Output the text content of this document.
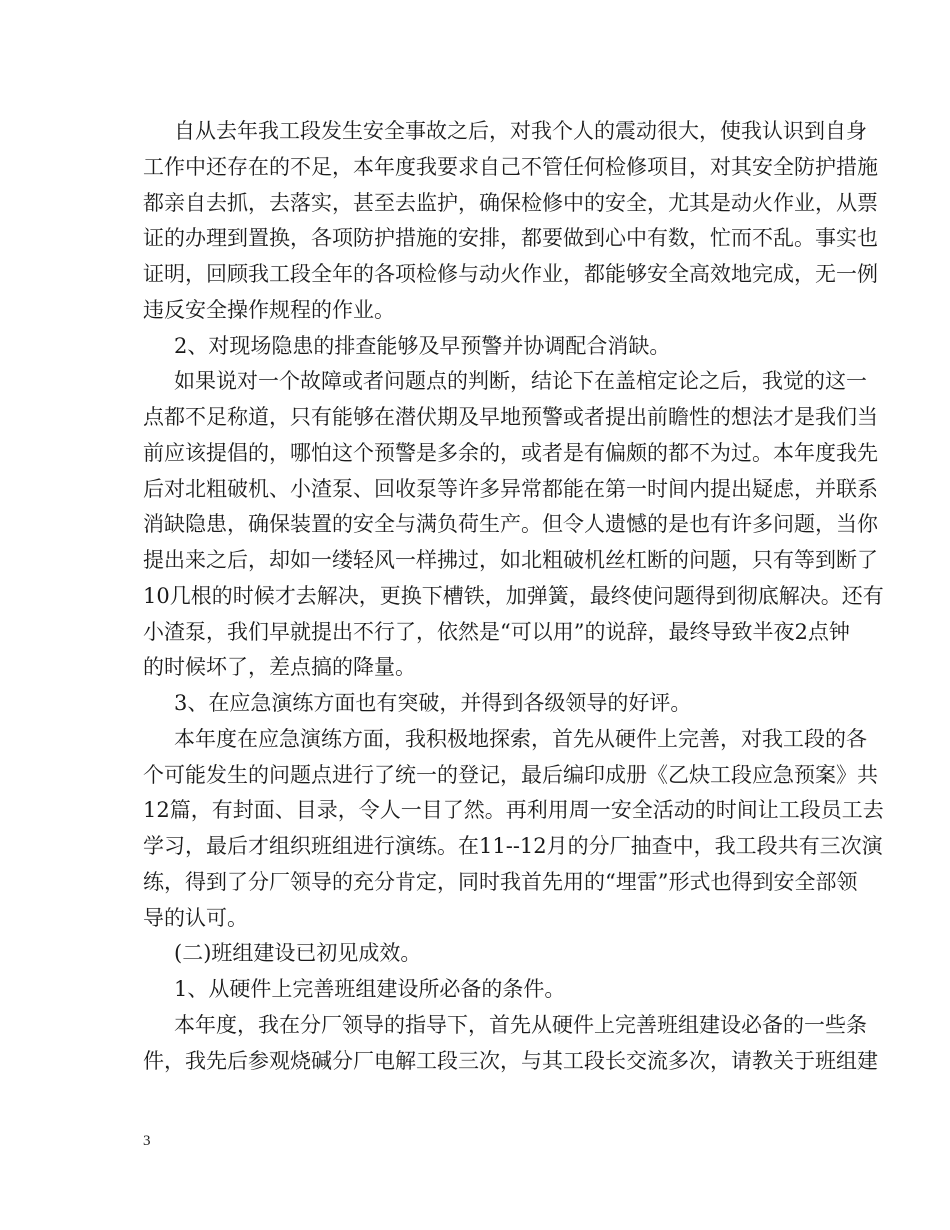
自从去年我工段发生安全事故之后，对我个人的震动很大，使我认识到自身
工作中还存在的不足，本年度我要求自己不管任何检修项目，对其安全防护措施
都亲自去抓，去落实，甚至去监护，确保检修中的安全，尤其是动火作业，从票
证的办理到置换，各项防护措施的安排，都要做到心中有数，忙而不乱。事实也
证明，回顾我工段全年的各项检修与动火作业，都能够安全高效地完成，无一例
违反安全操作规程的作业。
2、对现场隐患的排查能够及早预警并协调配合消缺。
如果说对一个故障或者问题点的判断，结论下在盖棺定论之后，我觉的这一
点都不足称道，只有能够在潜伏期及早地预警或者提出前瞻性的想法才是我们当
前应该提倡的，哪怕这个预警是多余的，或者是有偏颇的都不为过。本年度我先
后对北粗破机、小渣泵、回收泵等许多异常都能在第一时间内提出疑虑，并联系
消缺隐患，确保装置的安全与满负荷生产。但令人遗憾的是也有许多问题，当你
提出来之后，却如一缕轻风一样拂过，如北粗破机丝杠断的问题，只有等到断了
10几根的时候才去解决，更换下槽铁，加弹簧，最终使问题得到彻底解决。还有
小渣泵，我们早就提出不行了，依然是“可以用”的说辞，最终导致半夜2点钟
的时候坏了，差点搞的降量。
3、在应急演练方面也有突破，并得到各级领导的好评。
本年度在应急演练方面，我积极地探索，首先从硬件上完善，对我工段的各
个可能发生的问题点进行了统一的登记，最后编印成册《乙炔工段应急预案》共
12篇，有封面、目录，令人一目了然。再利用周一安全活动的时间让工段员工去
学习，最后才组织班组进行演练。在11--12月的分厂抽查中，我工段共有三次演
练，得到了分厂领导的充分肯定，同时我首先用的“埋雷”形式也得到安全部领
导的认可。
(二)班组建设已初见成效。
1、从硬件上完善班组建设所必备的条件。
本年度，我在分厂领导的指导下，首先从硬件上完善班组建设必备的一些条
件，我先后参观烧碱分厂电解工段三次，与其工段长交流多次，请教关于班组建
3
